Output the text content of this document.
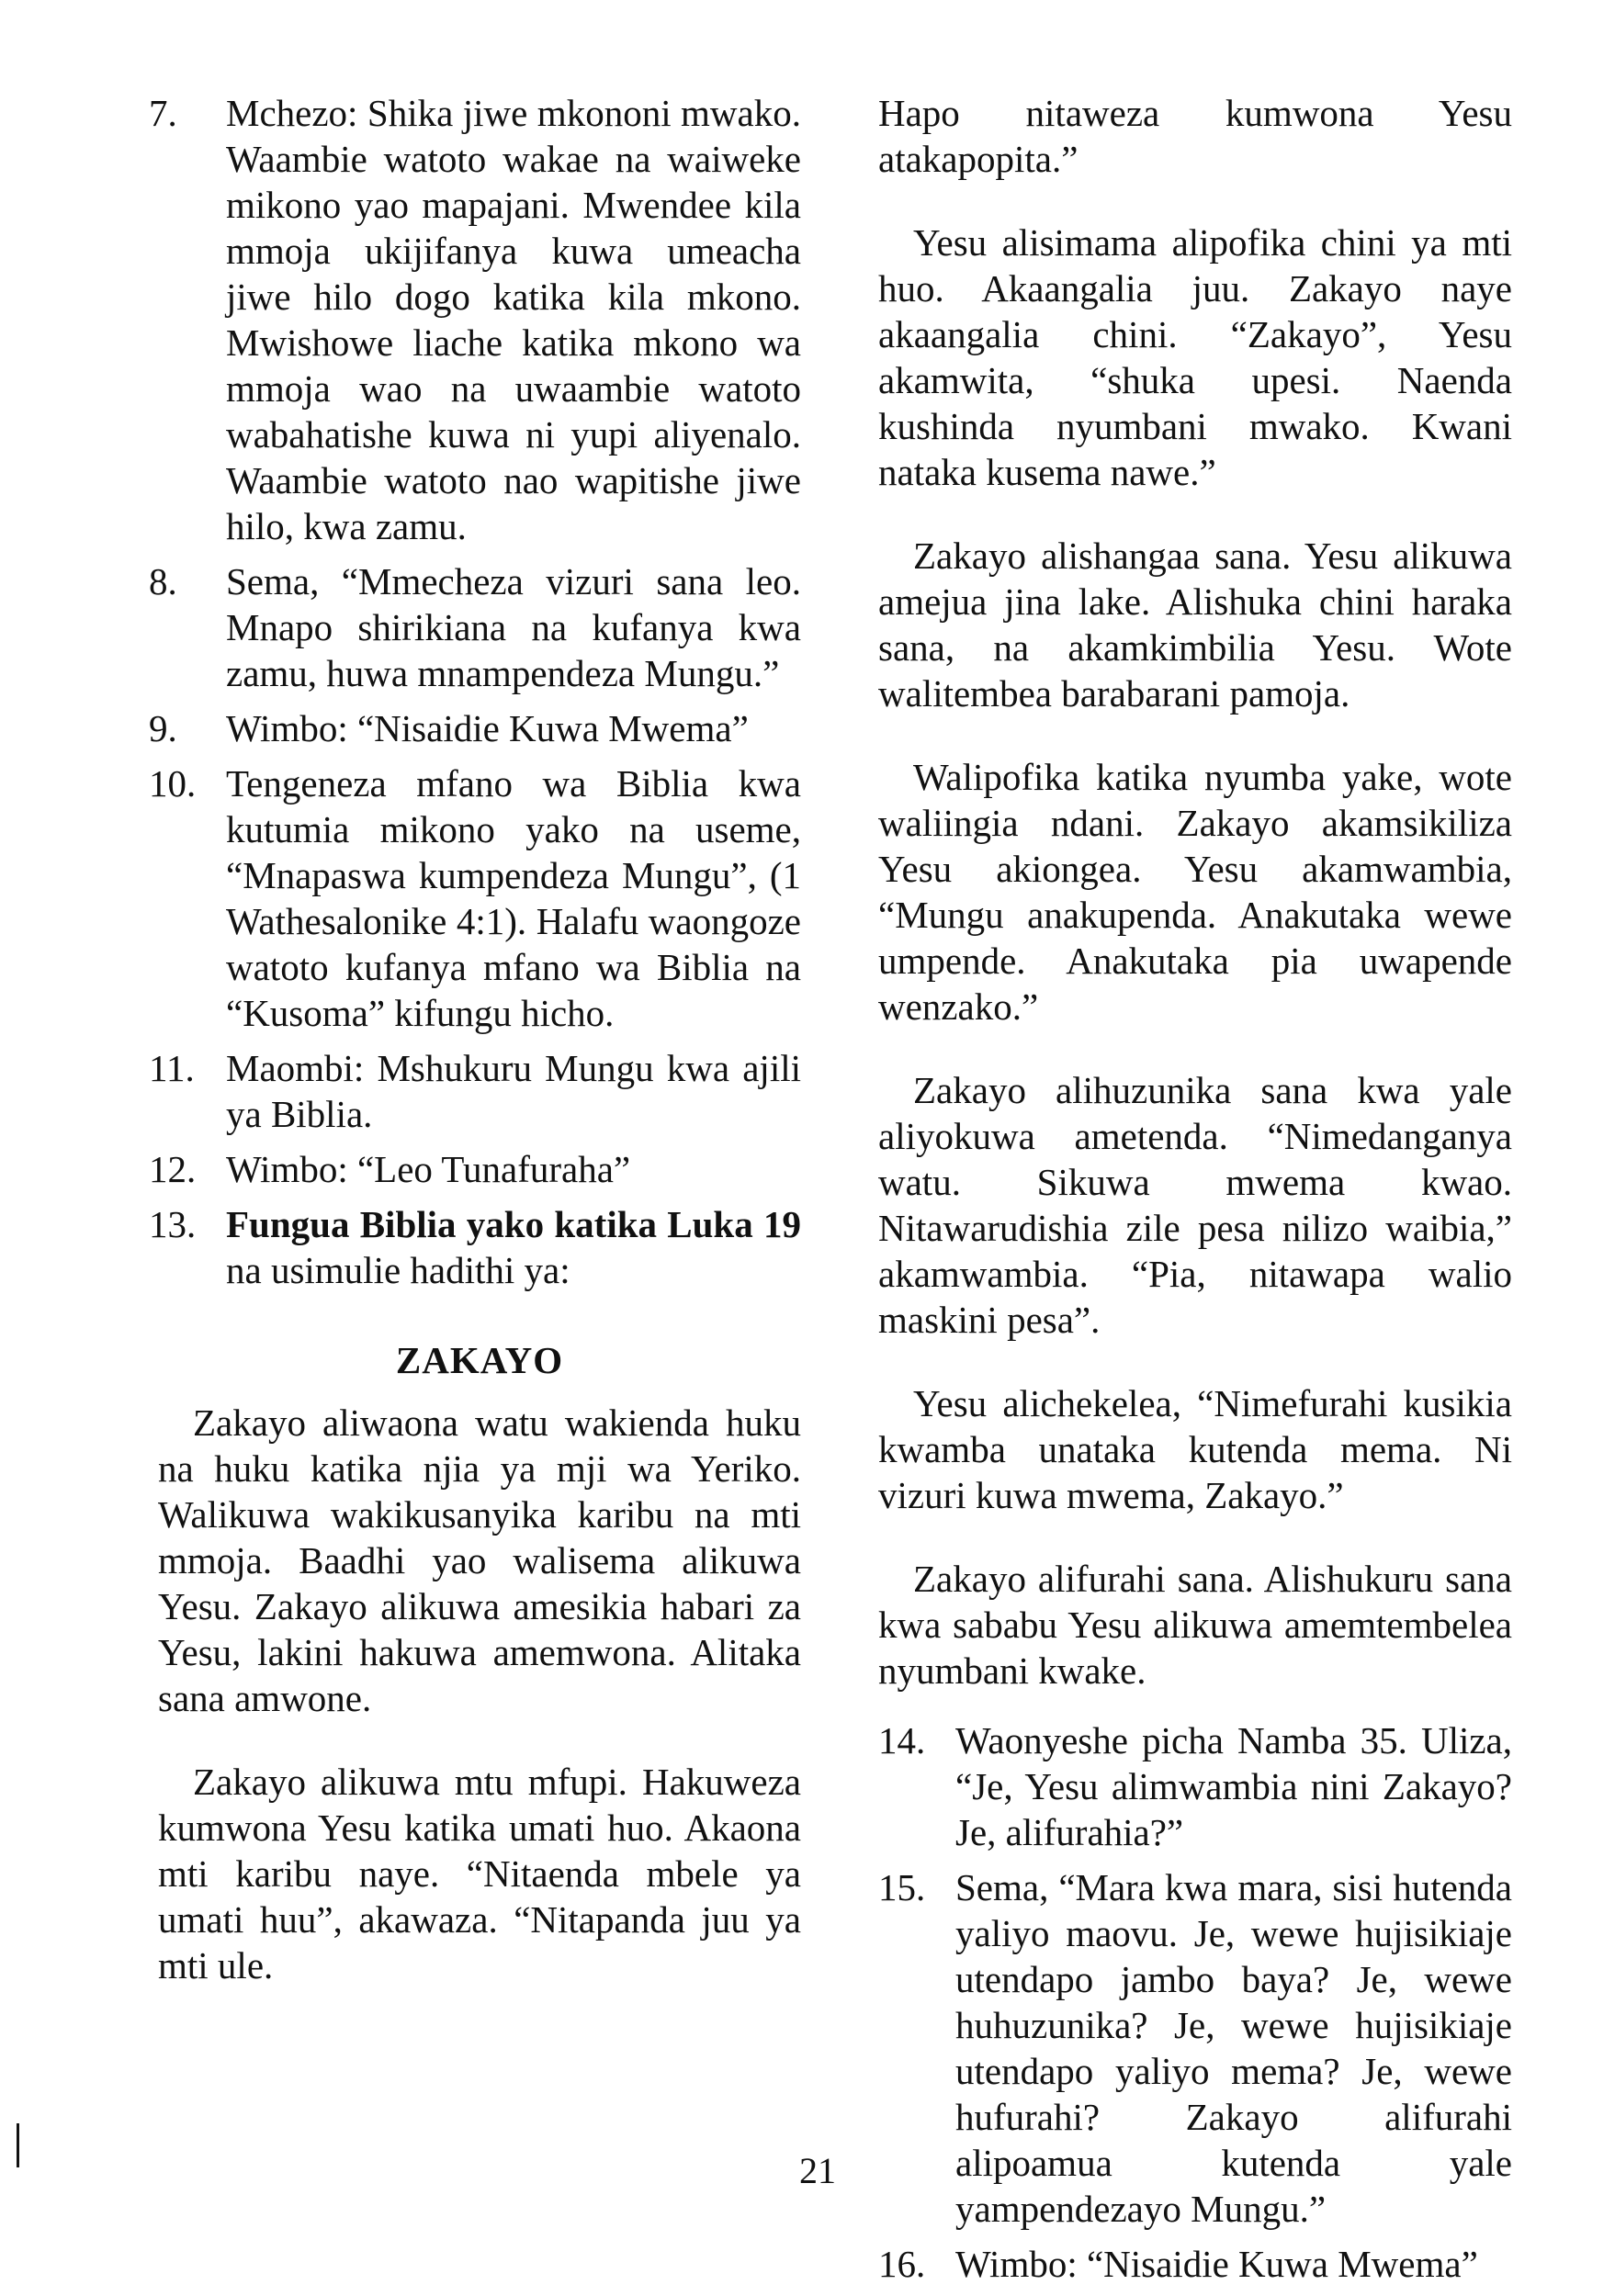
7.	Mchezo: Shika jiwe mkononi mwako. Waambie watoto wakae na waiweke mikono yao mapajani. Mwendee kila mmoja ukijifanya kuwa umeacha jiwe hilo dogo katika kila mkono. Mwishowe liache katika mkono wa mmoja wao na uwaambie watoto wabahatishe kuwa ni yupi aliyenalo. Waambie watoto nao wapitishe jiwe hilo, kwa zamu.
8.	Sema, “Mmecheza vizuri sana leo. Mnapo shirikiana na kufanya kwa zamu, huwa mnampendeza Mungu.”
9.	Wimbo: “Nisaidie Kuwa Mwema”
10. Tengeneza mfano wa Biblia kwa kutumia mikono yako na useme, “Mnapaswa kumpendeza Mungu”, (1 Wathesalonike 4:1). Halafu waongoze watoto kufanya mfano wa Biblia na “Kusoma” kifungu hicho.
11. Maombi: Mshukuru Mungu kwa ajili ya Biblia.
12. Wimbo: “Leo Tunafuraha”
13. Fungua Biblia yako katika Luka 19 na usimulie hadithi ya:
ZAKAYO

Zakayo aliwaona watu wakienda huku na huku katika njia ya mji wa Yeriko. Walikuwa wakikusanyika karibu na mti mmoja. Baadhi yao walisema alikuwa Yesu. Zakayo alikuwa amesikia habari za Yesu, lakini hakuwa amemwona. Alitaka sana amwone.

Zakayo alikuwa mtu mfupi. Hakuweza kumwona Yesu katika umati huo. Akaona mti karibu naye. “Nitaenda mbele ya umati huu”, akawaza. “Nitapanda juu ya mti ule.

Hapo nitaweza kumwona Yesu atakapopita.”

Yesu alisimama alipofika chini ya mti huo. Akaangalia juu. Zakayo naye akaangalia chini. “Zakayo”, Yesu akamwita, “shuka upesi. Naenda kushinda nyumbani mwako. Kwani nataka kusema nawe.”

Zakayo alishangaa sana. Yesu alikuwa amejua jina lake. Alishuka chini haraka sana, na akamkimbilia Yesu. Wote walitembea barabarani pamoja.

Walipofika katika nyumba yake, wote waliingia ndani. Zakayo akamsikiliza Yesu akiongea. Yesu akamwambia, “Mungu anakupenda. Anakutaka wewe umpende. Anakutaka pia uwapende wenzako.”

Zakayo alihuzunika sana kwa yale aliyokuwa ametenda. “Nimedanganya watu. Sikuwa mwema kwao. Nitawarudishia zile pesa nilizo waibia,” akamwambia. “Pia, nitawapa walio maskini pesa”.

Yesu alichekelea, “Nimefurahi kusikia kwamba unataka kutenda mema. Ni vizuri kuwa mwema, Zakayo.”

Zakayo alifurahi sana. Alishukuru sana kwa sababu Yesu alikuwa amemtembelea nyumbani kwake.

14. Waonyeshe picha Namba 35. Uliza, “Je, Yesu alimwambia nini Zakayo? Je, alifurahia?”
15. Sema, “Mara kwa mara, sisi hutenda yaliyo maovu. Je, wewe hujisikiaje utendapo jambo baya? Je, wewe huhuzunika? Je, wewe hujisikiaje utendapo yaliyo mema? Je, wewe hufurahi? Zakayo alifurahi alipoamua kutenda yale yampendezayo Mungu.”
16. Wimbo: “Nisaidie Kuwa Mwema”
21
